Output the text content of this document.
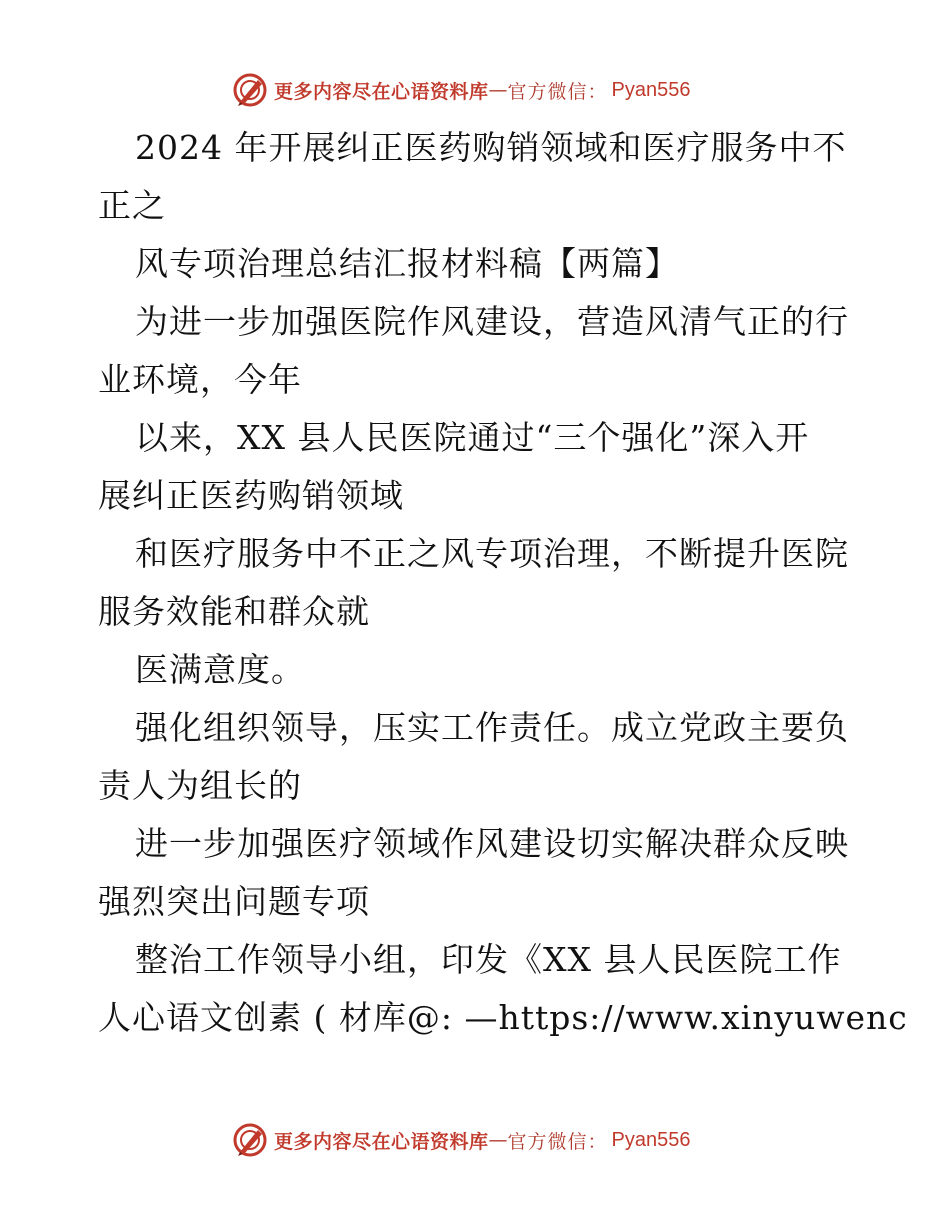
更多内容尽在心语资料库 — 官方微信： Pyan556
2024 年开展纠正医药购销领域和医疗服务中不
正之
风专项治理总结汇报材料稿【两篇】
为进一步加强医院作风建设，营造风清气正的行
业环境，今年
以来，XX 县人民医院通过“三个强化”深入开
展纠正医药购销领域
和医疗服务中不正之风专项治理，不断提升医院
服务效能和群众就
医满意度。
强化组织领导，压实工作责任。成立党政主要负
责人为组长的
进一步加强医疗领域作风建设切实解决群众反映
强烈突出问题专项
整治工作领导小组，印发《XX 县人民医院工作
人心语文创素 ( 材库@: —https://www.xinyuwenc
更多内容尽在心语资料库 — 官方微信： Pyan556
